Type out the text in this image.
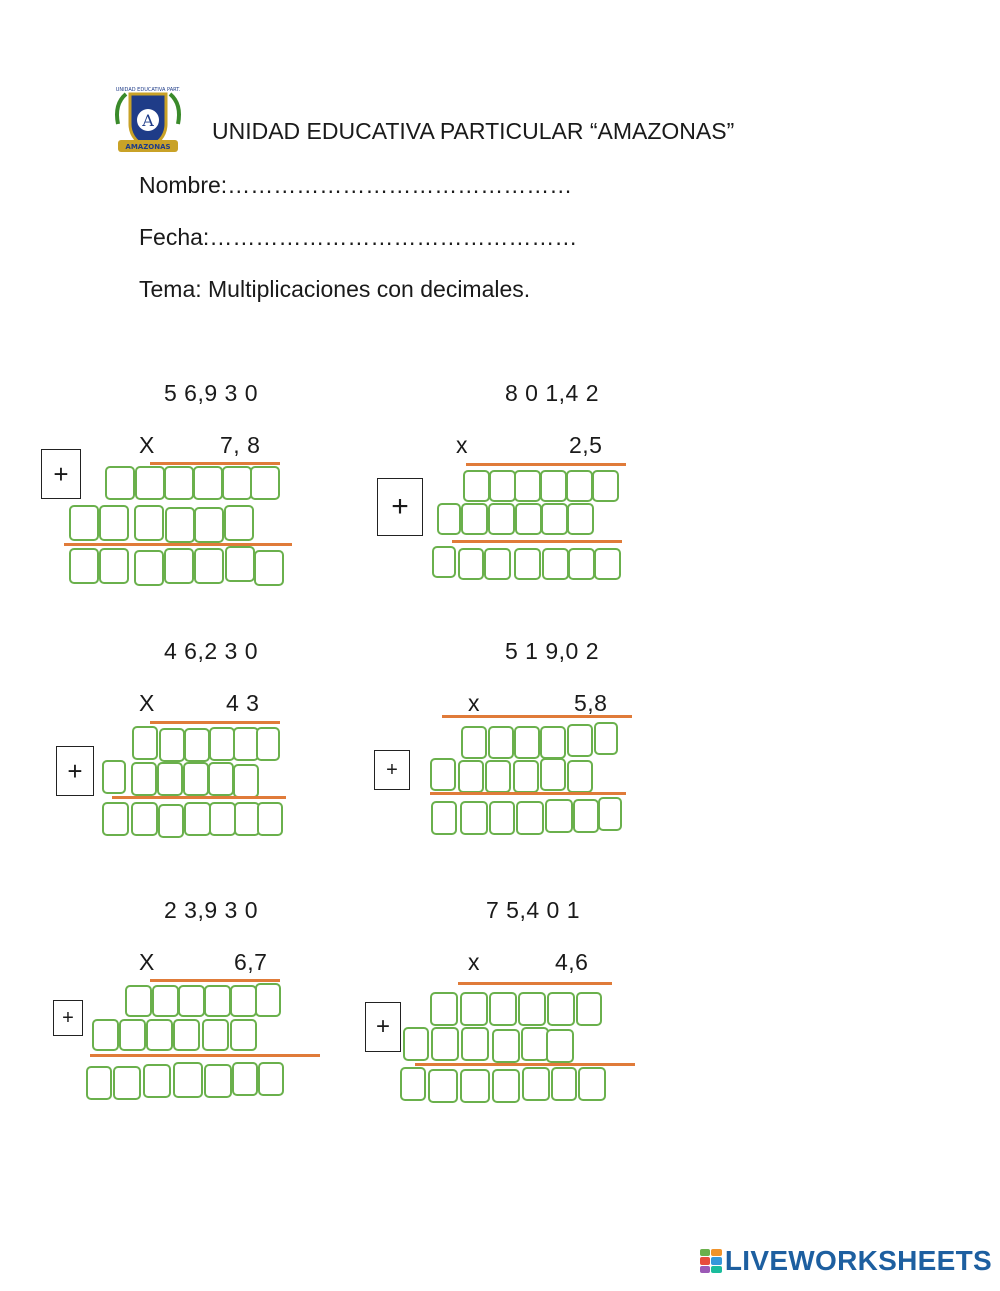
A
UNIDAD EDUCATIVA PART.
AMAZONAS
UNIDAD EDUCATIVA PARTICULAR “AMAZONAS”
Nombre:………………………………………
Fecha:…………………………………………
Tema: Multiplicaciones con decimales.
5 6,9 3 0
X	7, 8
+
8 0 1,4 2
x	2,5
+
4 6,2 3 0
X	4 3
+
5 1 9,0 2
x	5,8
+
2 3,9 3 0
X	6,7
+
7 5,4 0 1
x	4,6
+
LIVEWORKSHEETS
